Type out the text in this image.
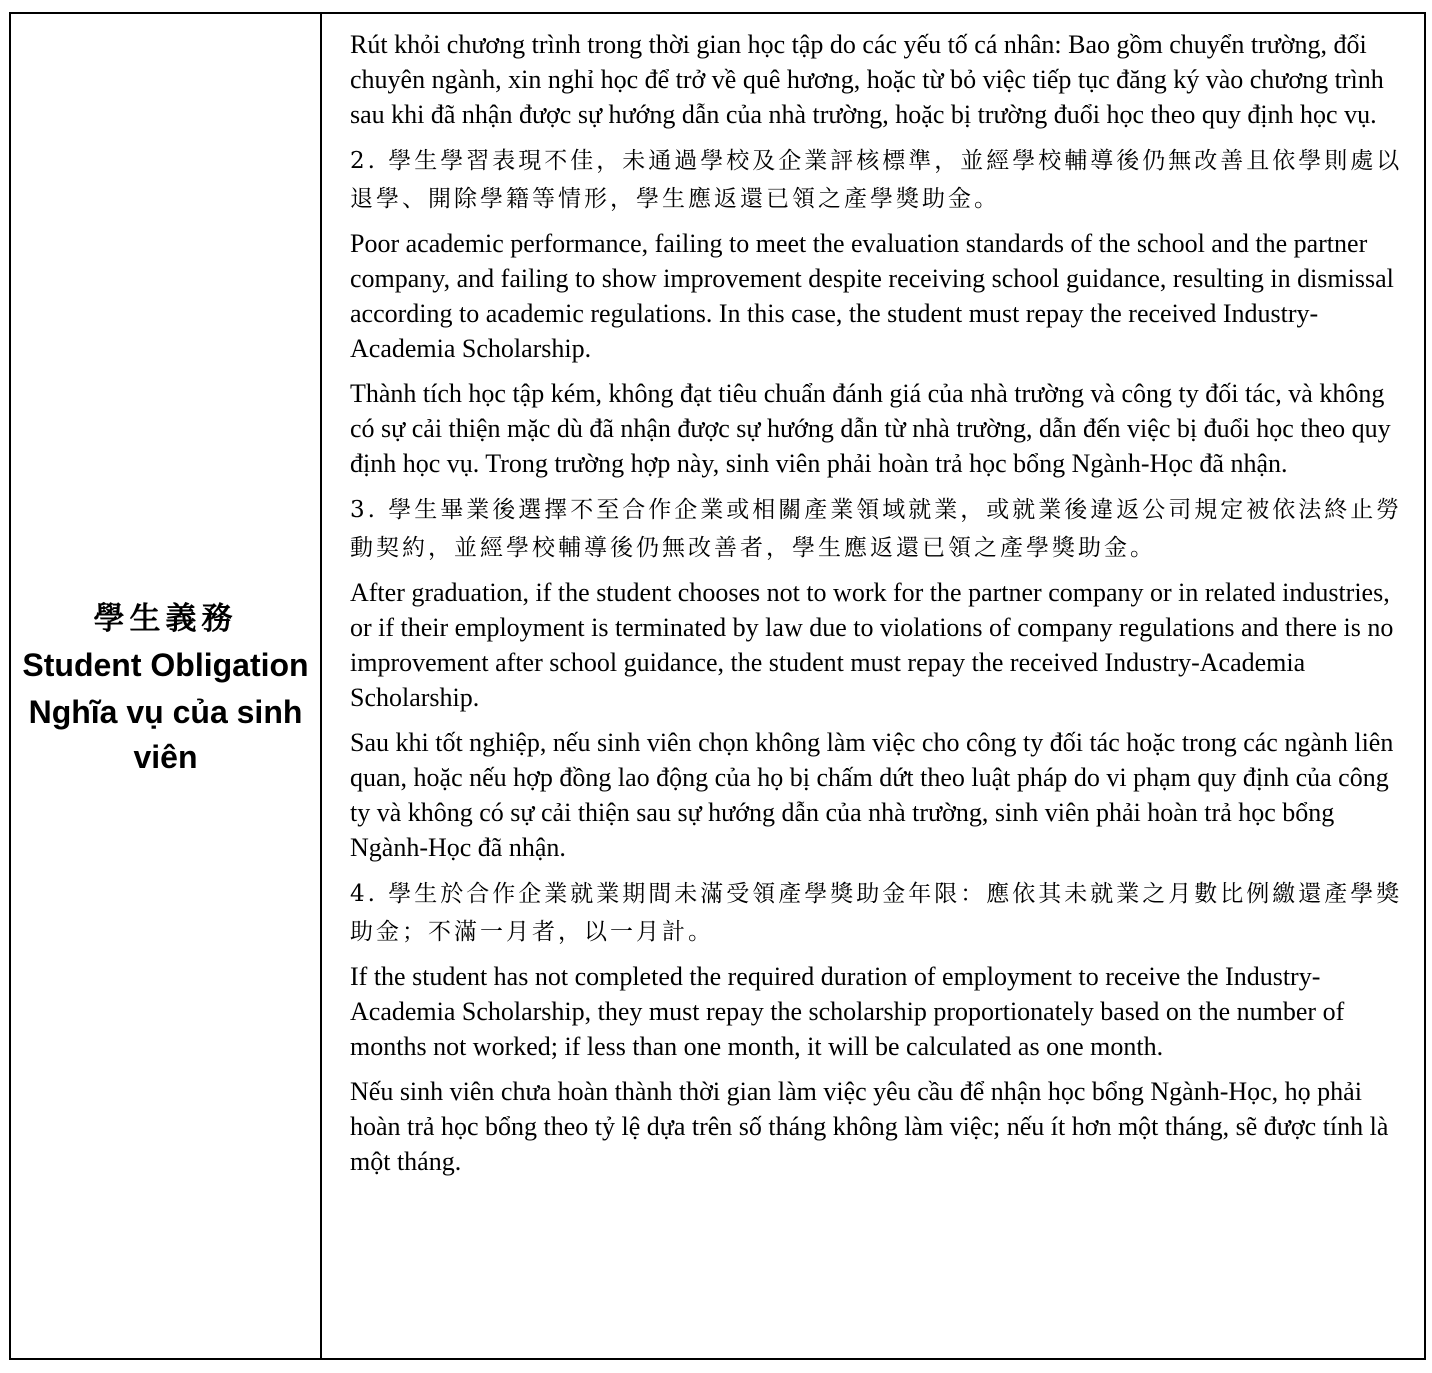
學生義務
Student Obligation
Nghĩa vụ của sinh viên

Rút khỏi chương trình trong thời gian học tập do các yếu tố cá nhân: Bao gồm chuyển trường, đổi chuyên ngành, xin nghỉ học để trở về quê hương, hoặc từ bỏ việc tiếp tục đăng ký vào chương trình sau khi đã nhận được sự hướng dẫn của nhà trường, hoặc bị trường đuổi học theo quy định học vụ.

2. 學生學習表現不佳，未通過學校及企業評核標準，並經學校輔導後仍無改善且依學則處以退學、開除學籍等情形，學生應返還已領之產學獎助金。

Poor academic performance, failing to meet the evaluation standards of the school and the partner company, and failing to show improvement despite receiving school guidance, resulting in dismissal according to academic regulations. In this case, the student must repay the received Industry-Academia Scholarship.

Thành tích học tập kém, không đạt tiêu chuẩn đánh giá của nhà trường và công ty đối tác, và không có sự cải thiện mặc dù đã nhận được sự hướng dẫn từ nhà trường, dẫn đến việc bị đuổi học theo quy định học vụ. Trong trường hợp này, sinh viên phải hoàn trả học bổng Ngành-Học đã nhận.

3. 學生畢業後選擇不至合作企業或相關產業領域就業，或就業後違返公司規定被依法終止勞動契約，並經學校輔導後仍無改善者，學生應返還已領之產學獎助金。

After graduation, if the student chooses not to work for the partner company or in related industries, or if their employment is terminated by law due to violations of company regulations and there is no improvement after school guidance, the student must repay the received Industry-Academia Scholarship.

Sau khi tốt nghiệp, nếu sinh viên chọn không làm việc cho công ty đối tác hoặc trong các ngành liên quan, hoặc nếu hợp đồng lao động của họ bị chấm dứt theo luật pháp do vi phạm quy định của công ty và không có sự cải thiện sau sự hướng dẫn của nhà trường, sinh viên phải hoàn trả học bổng Ngành-Học đã nhận.

4. 學生於合作企業就業期間未滿受領產學獎助金年限：應依其未就業之月數比例繳還產學獎助金；不滿一月者，以一月計。

If the student has not completed the required duration of employment to receive the Industry-Academia Scholarship, they must repay the scholarship proportionately based on the number of months not worked; if less than one month, it will be calculated as one month.

Nếu sinh viên chưa hoàn thành thời gian làm việc yêu cầu để nhận học bổng Ngành-Học, họ phải hoàn trả học bổng theo tỷ lệ dựa trên số tháng không làm việc; nếu ít hơn một tháng, sẽ được tính là một tháng.
